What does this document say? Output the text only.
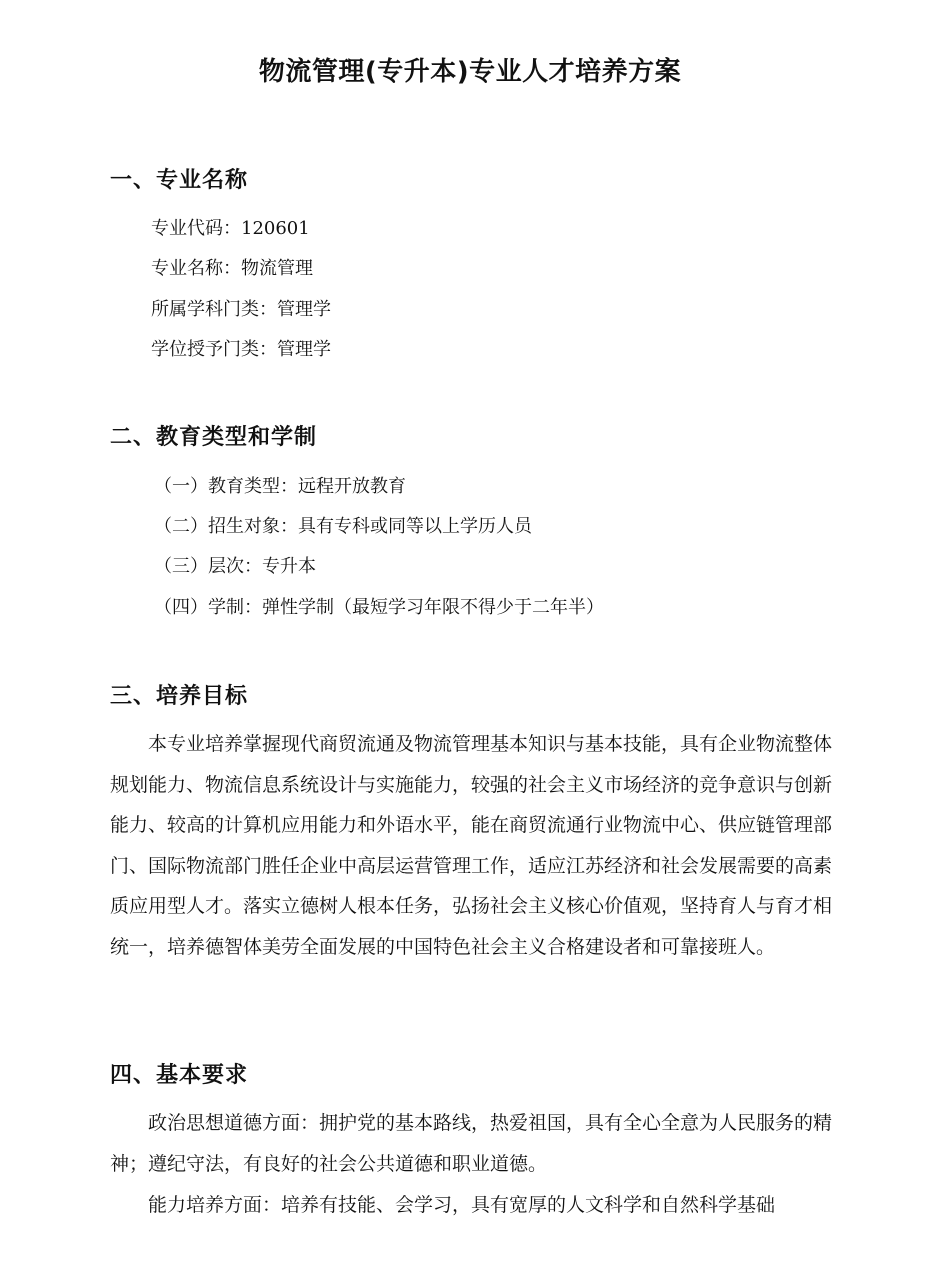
物流管理(专升本)专业人才培养方案
一、专业名称
专业代码：120601
专业名称：物流管理
所属学科门类：管理学
学位授予门类：管理学
二、教育类型和学制
（一）教育类型：远程开放教育
（二）招生对象：具有专科或同等以上学历人员
（三）层次：专升本
（四）学制：弹性学制（最短学习年限不得少于二年半）
三、培养目标

本专业培养掌握现代商贸流通及物流管理基本知识与基本技能，具有企业物流整体规划能力、物流信息系统设计与实施能力，较强的社会主义市场经济的竞争意识与创新能力、较高的计算机应用能力和外语水平，能在商贸流通行业物流中心、供应链管理部门、国际物流部门胜任企业中高层运营管理工作，适应江苏经济和社会发展需要的高素质应用型人才。落实立德树人根本任务，弘扬社会主义核心价值观，坚持育人与育才相统一，培养德智体美劳全面发展的中国特色社会主义合格建设者和可靠接班人。

四、基本要求

政治思想道德方面：拥护党的基本路线，热爱祖国，具有全心全意为人民服务的精神；遵纪守法，有良好的社会公共道德和职业道德。

能力培养方面：培养有技能、会学习，具有宽厚的人文科学和自然科学基础
